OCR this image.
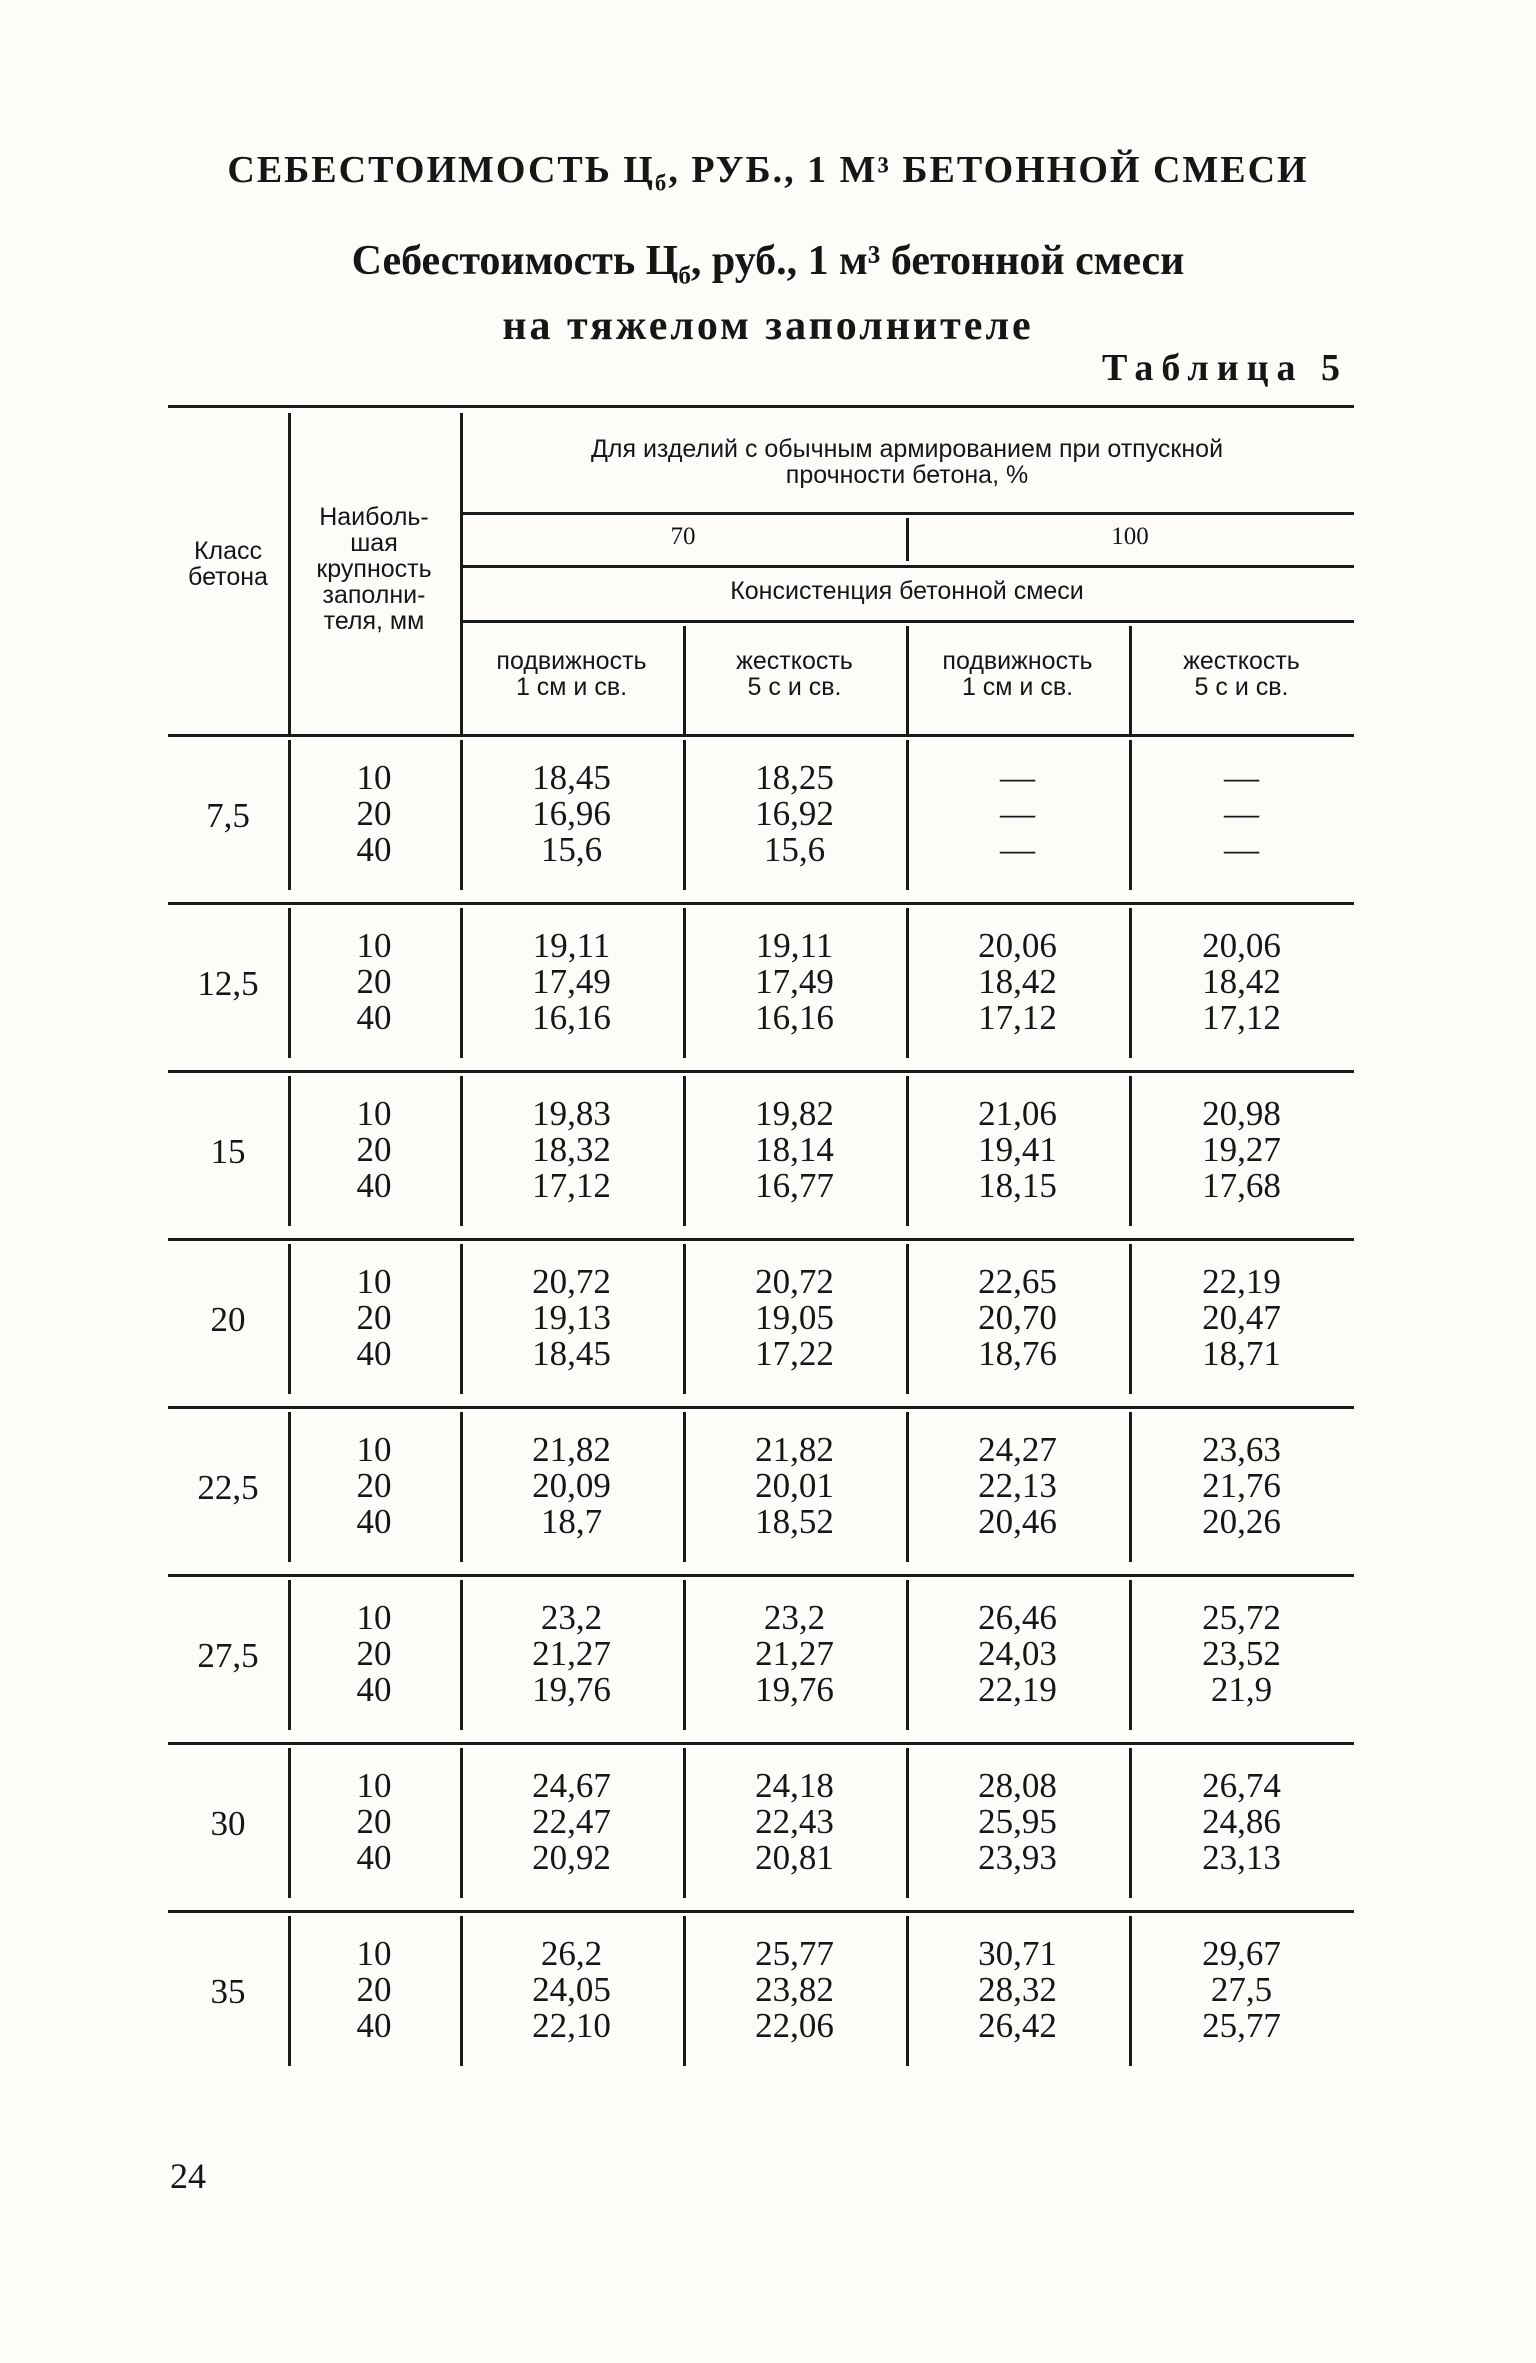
СЕБЕСТОИМОСТЬ $Ц_б$, РУБ., 1 М³ БЕТОННОЙ СМЕСИ
Себестоимость $Ц_б$, руб., 1 м³ бетонной смеси
на тяжелом заполнителе
Таблица 5
Класс
бетона
Наиболь-
шая
крупность
заполни-
теля, мм
Для изделий с обычным армированием при отпускной
прочности бетона, %
70	100
Консистенция бетонной смеси
подвижность
1 см и св.
жесткость
5 с и св.
подвижность
1 см и св.
жесткость
5 с и св.
7,5
10
20
40
18,45
16,96
15,6
18,25
16,92
15,6
—
—
—
—
—
—
12,5
10
20
40
19,11
17,49
16,16
19,11
17,49
16,16
20,06
18,42
17,12
20,06
18,42
17,12
15
10
20
40
19,83
18,32
17,12
19,82
18,14
16,77
21,06
19,41
18,15
20,98
19,27
17,68
20
10
20
40
20,72
19,13
18,45
20,72
19,05
17,22
22,65
20,70
18,76
22,19
20,47
18,71
22,5
10
20
40
21,82
20,09
18,7
21,82
20,01
18,52
24,27
22,13
20,46
23,63
21,76
20,26
27,5
10
20
40
23,2
21,27
19,76
23,2
21,27
19,76
26,46
24,03
22,19
25,72
23,52
21,9
30
10
20
40
24,67
22,47
20,92
24,18
22,43
20,81
28,08
25,95
23,93
26,74
24,86
23,13
35
10
20
40
26,2
24,05
22,10
25,77
23,82
22,06
30,71
28,32
26,42
29,67
27,5
25,77
24
